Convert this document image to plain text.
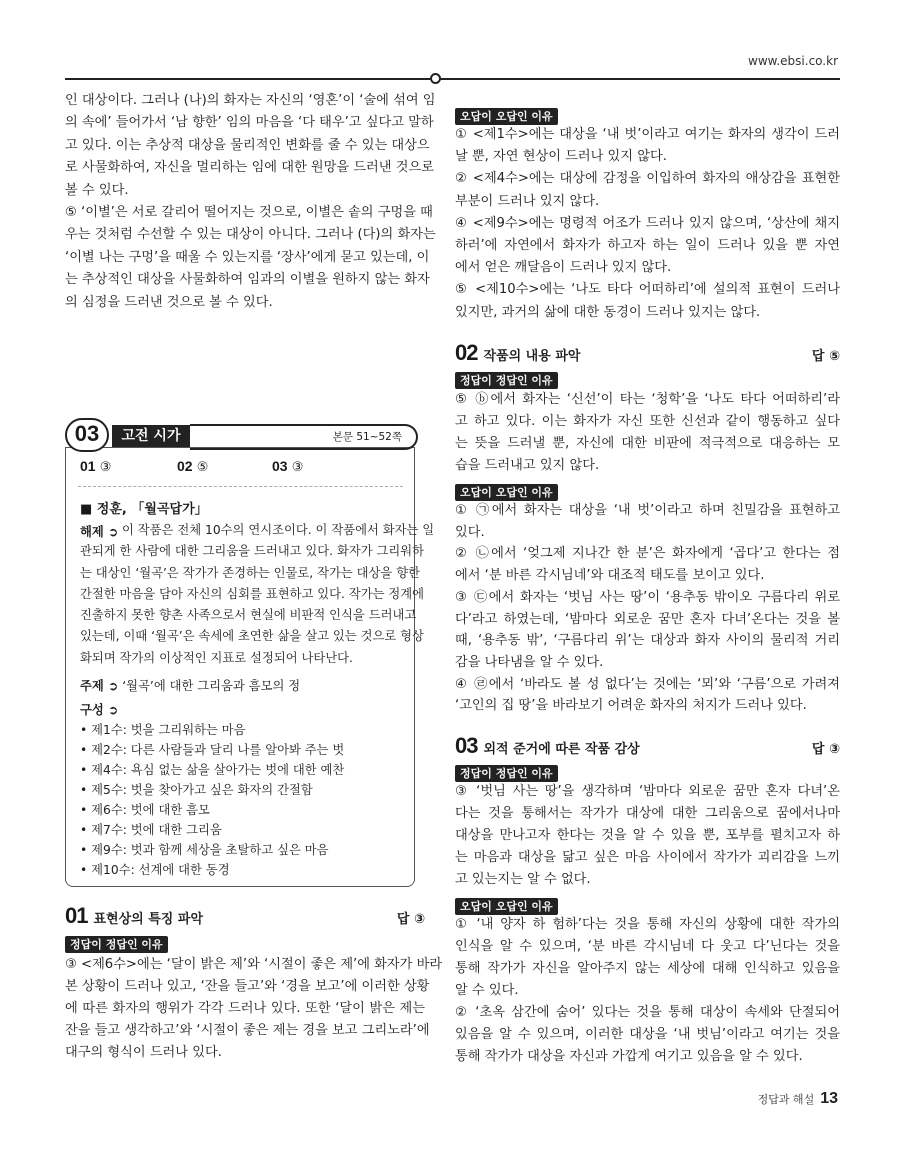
www.ebsi.co.kr
인 대상이다. 그러나 (나)의 화자는 자신의 ‘영혼’이 ‘술에 섞여 임
의 속에’ 들어가서 ‘남 향한’ 임의 마음을 ‘다 태우’고 싶다고 말하
고 있다. 이는 추상적 대상을 물리적인 변화를 줄 수 있는 대상으
로 사물화하여, 자신을 멀리하는 임에 대한 원망을 드러낸 것으로
볼 수 있다.
⑤ ‘이별’은 서로 갈리어 떨어지는 것으로, 이별은 솥의 구멍을 때
우는 것처럼 수선할 수 있는 대상이 아니다. 그러나 (다)의 화자는
‘이별 나는 구멍’을 때울 수 있는지를 ‘장사’에게 묻고 있는데, 이
는 추상적인 대상을 사물화하여 임과의 이별을 원하지 않는 화자
의 심정을 드러낸 것으로 볼 수 있다.
본문 51~52쪽
고전 시가
03
01 ③	02 ⑤	03 ③
■ 정훈, 「월곡답가」
해제 ➲ 이 작품은 전체 10수의 연시조이다. 이 작품에서 화자는 일
관되게 한 사람에 대한 그리움을 드러내고 있다. 화자가 그리워하
는 대상인 ‘월곡’은 작가가 존경하는 인물로, 작가는 대상을 향한
간절한 마음을 담아 자신의 심회를 표현하고 있다. 작가는 정계에
진출하지 못한 향촌 사족으로서 현실에 비판적 인식을 드러내고
있는데, 이때 ‘월곡’은 속세에 초연한 삶을 살고 있는 것으로 형상
화되며 작가의 이상적인 지표로 설정되어 나타난다.
주제 ➲ ‘월곡’에 대한 그리움과 흠모의 정
구성 ➲
• 제1수: 벗을 그리워하는 마음
• 제2수: 다른 사람들과 달리 나를 알아봐 주는 벗
• 제4수: 욕심 없는 삶을 살아가는 벗에 대한 예찬
• 제5수: 벗을 찾아가고 싶은 화자의 간절함
• 제6수: 벗에 대한 흠모
• 제7수: 벗에 대한 그리움
• 제9수: 벗과 함께 세상을 초탈하고 싶은 마음
• 제10수: 선계에 대한 동경
01 표현상의 특징 파악	답 ③
정답이 정답인 이유
③ <제6수>에는 ‘달이 밝은 제’와 ‘시절이 좋은 제’에 화자가 바라
본 상황이 드러나 있고, ‘잔을 들고’와 ‘경을 보고’에 이러한 상황
에 따른 화자의 행위가 각각 드러나 있다. 또한 ‘달이 밝은 제는
잔을 들고 생각하고’와 ‘시절이 좋은 제는 경을 보고 그리노라’에
대구의 형식이 드러나 있다.
오답이 오답인 이유
① <제1수>에는 대상을 ‘내 벗’이라고 여기는 화자의 생각이 드러
날 뿐, 자연 현상이 드러나 있지 않다.
② <제4수>에는 대상에 감정을 이입하여 화자의 애상감을 표현한
부분이 드러나 있지 않다.
④ <제9수>에는 명령적 어조가 드러나 있지 않으며, ‘상산에 채지
하러’에 자연에서 화자가 하고자 하는 일이 드러나 있을 뿐 자연
에서 얻은 깨달음이 드러나 있지 않다.
⑤ <제10수>에는 ‘나도 타다 어떠하리’에 설의적 표현이 드러나
있지만, 과거의 삶에 대한 동경이 드러나 있지는 않다.
02 작품의 내용 파악	답 ⑤
정답이 정답인 이유
⑤ ⓑ에서 화자는 ‘신선’이 타는 ‘청학’을 ‘나도 타다 어떠하리’라
고 하고 있다. 이는 화자가 자신 또한 신선과 같이 행동하고 싶다
는 뜻을 드러낼 뿐, 자신에 대한 비판에 적극적으로 대응하는 모
습을 드러내고 있지 않다.
오답이 오답인 이유
① ㉠에서 화자는 대상을 ‘내 벗’이라고 하며 친밀감을 표현하고
있다.
② ㉡에서 ‘엊그제 지나간 한 분’은 화자에게 ‘곱다’고 한다는 점
에서 ‘분 바른 각시님네’와 대조적 태도를 보이고 있다.
③ ㉢에서 화자는 ‘벗님 사는 땅’이 ‘용추동 밖이오 구름다리 위로
다’라고 하였는데, ‘밤마다 외로운 꿈만 혼자 다녀’온다는 것을 볼
때, ‘용추동 밖’, ‘구름다리 위’는 대상과 화자 사이의 물리적 거리
감을 나타냄을 알 수 있다.
④ ㉣에서 ‘바라도 볼 성 없다’는 것에는 ‘뫼’와 ‘구름’으로 가려져
‘고인의 집 땅’을 바라보기 어려운 화자의 처지가 드러나 있다.
03 외적 준거에 따른 작품 감상	답 ③
정답이 정답인 이유
③ ‘벗님 사는 땅’을 생각하며 ‘밤마다 외로운 꿈만 혼자 다녀’온
다는 것을 통해서는 작가가 대상에 대한 그리움으로 꿈에서나마
대상을 만나고자 한다는 것을 알 수 있을 뿐, 포부를 펼치고자 하
는 마음과 대상을 닮고 싶은 마음 사이에서 작가가 괴리감을 느끼
고 있는지는 알 수 없다.
오답이 오답인 이유
① ‘내 양자 하 험하’다는 것을 통해 자신의 상황에 대한 작가의
인식을 알 수 있으며, ‘분 바른 각시님네 다 웃고 다’닌다는 것을
통해 작가가 자신을 알아주지 않는 세상에 대해 인식하고 있음을
알 수 있다.
② ‘초옥 삼간에 숨어’ 있다는 것을 통해 대상이 속세와 단절되어
있음을 알 수 있으며, 이러한 대상을 ‘내 벗님’이라고 여기는 것을
통해 작가가 대상을 자신과 가깝게 여기고 있음을 알 수 있다.
정답과 해설 13
